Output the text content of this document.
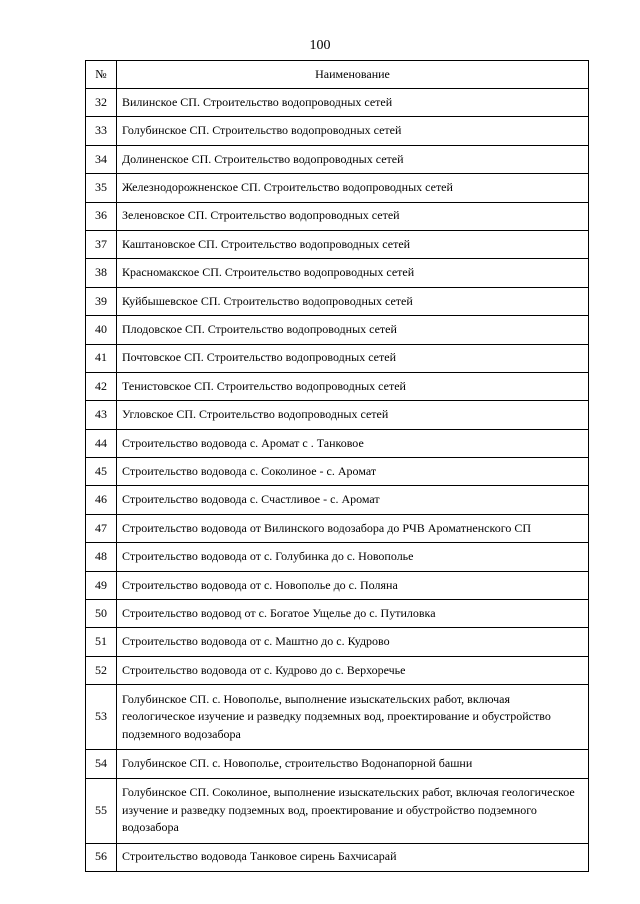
100
№	Наименование
32	Вилинское СП. Строительство водопроводных сетей
33	Голубинское СП. Строительство водопроводных сетей
34	Долиненское СП. Строительство водопроводных сетей
35	Железнодорожненское СП. Строительство водопроводных сетей
36	Зеленовское СП. Строительство водопроводных сетей
37	Каштановское СП. Строительство водопроводных сетей
38	Красномакское СП. Строительство водопроводных сетей
39	Куйбышевское СП. Строительство водопроводных сетей
40	Плодовское СП. Строительство водопроводных сетей
41	Почтовское СП. Строительство водопроводных сетей
42	Тенистовское СП. Строительство водопроводных сетей
43	Угловское СП. Строительство водопроводных сетей
44	Строительство водовода с. Аромат с . Танковое
45	Строительство водовода с. Соколиное - с. Аромат
46	Строительство водовода с. Счастливое - с. Аромат
47	Строительство водовода от Вилинского водозабора до РЧВ Ароматненского СП
48	Строительство водовода от с. Голубинка до с. Новополье
49	Строительство водовода от с. Новополье до с. Поляна
50	Строительство водовод от с. Богатое Ущелье до с. Путиловка
51	Строительство водовода от с. Маштно до с. Кудрово
52	Строительство водовода от с. Кудрово до с. Верхоречье
53	Голубинское СП. с. Новополье, выполнение изыскательских работ, включая геологическое изучение и разведку подземных вод, проектирование и обустройство подземного водозабора
54	Голубинское СП. с. Новополье, строительство Водонапорной башни
55	Голубинское СП. Соколиное, выполнение изыскательских работ, включая геологическое изучение и разведку подземных вод, проектирование и обустройство подземного водозабора
56	Строительство водовода Танковое сирень Бахчисарай
